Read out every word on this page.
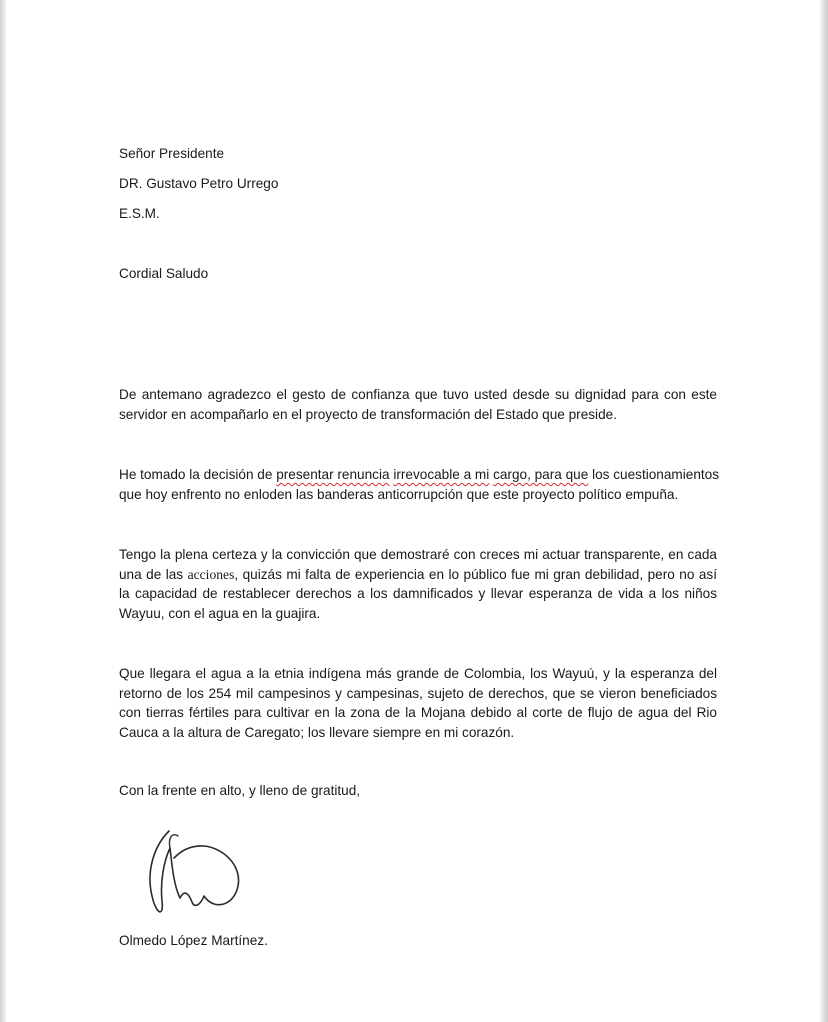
Señor Presidente
DR. Gustavo Petro Urrego
E.S.M.
Cordial Saludo
De antemano agradezco el gesto de confianza que tuvo usted desde su dignidad para con este
servidor en acompañarlo en el proyecto de transformación del Estado que preside.
He tomado la decisión de presentar renuncia irrevocable a mi cargo, para que los cuestionamientos
que hoy enfrento no enloden las banderas anticorrupción que este proyecto político empuña.
Tengo la plena certeza y la convicción que demostraré con creces mi actuar transparente, en cada
una de las acciones, quizás mi falta de experiencia en lo público fue mi gran debilidad, pero no así
la capacidad de restablecer derechos a los damnificados y llevar esperanza de vida a los niños
Wayuu, con el agua en la guajira.
Que llegara el agua a la etnia indígena más grande de Colombia, los Wayuú, y la esperanza del
retorno de los 254 mil campesinos y campesinas, sujeto de derechos, que se vieron beneficiados
con tierras fértiles para cultivar en la zona de la Mojana debido al corte de flujo de agua del Rio
Cauca a la altura de Caregato; los llevare siempre en mi corazón.
Con la frente en alto, y lleno de gratitud,
Olmedo López Martínez.
